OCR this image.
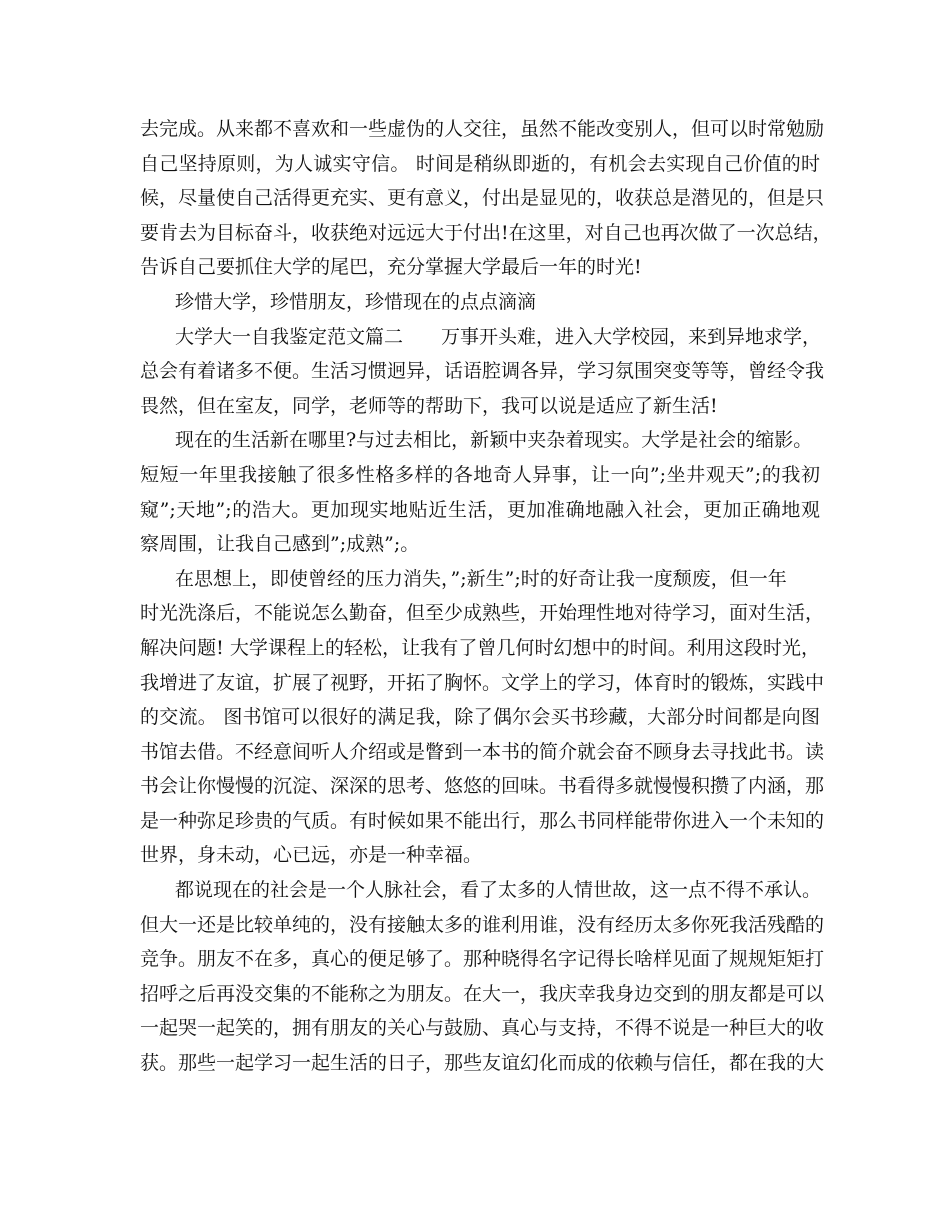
去完成。从来都不喜欢和一些虚伪的人交往，虽然不能改变别人，但可以时常勉励
自己坚持原则，为人诚实守信。 时间是稍纵即逝的，有机会去实现自己价值的时
候，尽量使自己活得更充实、更有意义，付出是显见的，收获总是潜见的，但是只
要肯去为目标奋斗，收获绝对远远大于付出!在这里，对自己也再次做了一次总结，
告诉自己要抓住大学的尾巴，充分掌握大学最后一年的时光!
珍惜大学，珍惜朋友，珍惜现在的点点滴滴
大学大一自我鉴定范文篇二　　万事开头难，进入大学校园，来到异地求学，
总会有着诸多不便。生活习惯迥异，话语腔调各异，学习氛围突变等等，曾经令我
畏然，但在室友，同学，老师等的帮助下，我可以说是适应了新生活!
现在的生活新在哪里?与过去相比，新颖中夹杂着现实。大学是社会的缩影。
短短一年里我接触了很多性格多样的各地奇人异事，让一向”;坐井观天”;的我初
窥”;天地”;的浩大。更加现实地贴近生活，更加准确地融入社会，更加正确地观
察周围，让我自己感到”;成熟”;。
在思想上，即使曾经的压力消失，”;新生”;时的好奇让我一度颓废，但一年
时光洗涤后，不能说怎么勤奋，但至少成熟些，开始理性地对待学习，面对生活，
解决问题! 大学课程上的轻松，让我有了曾几何时幻想中的时间。利用这段时光，
我增进了友谊，扩展了视野，开拓了胸怀。文学上的学习，体育时的锻炼，实践中
的交流。 图书馆可以很好的满足我，除了偶尔会买书珍藏，大部分时间都是向图
书馆去借。不经意间听人介绍或是瞥到一本书的简介就会奋不顾身去寻找此书。读
书会让你慢慢的沉淀、深深的思考、悠悠的回味。书看得多就慢慢积攒了内涵，那
是一种弥足珍贵的气质。有时候如果不能出行，那么书同样能带你进入一个未知的
世界，身未动，心已远，亦是一种幸福。
都说现在的社会是一个人脉社会，看了太多的人情世故，这一点不得不承认。
但大一还是比较单纯的，没有接触太多的谁利用谁，没有经历太多你死我活残酷的
竞争。朋友不在多，真心的便足够了。那种晓得名字记得长啥样见面了规规矩矩打
招呼之后再没交集的不能称之为朋友。在大一，我庆幸我身边交到的朋友都是可以
一起哭一起笑的，拥有朋友的关心与鼓励、真心与支持，不得不说是一种巨大的收
获。那些一起学习一起生活的日子，那些友谊幻化而成的依赖与信任，都在我的大
